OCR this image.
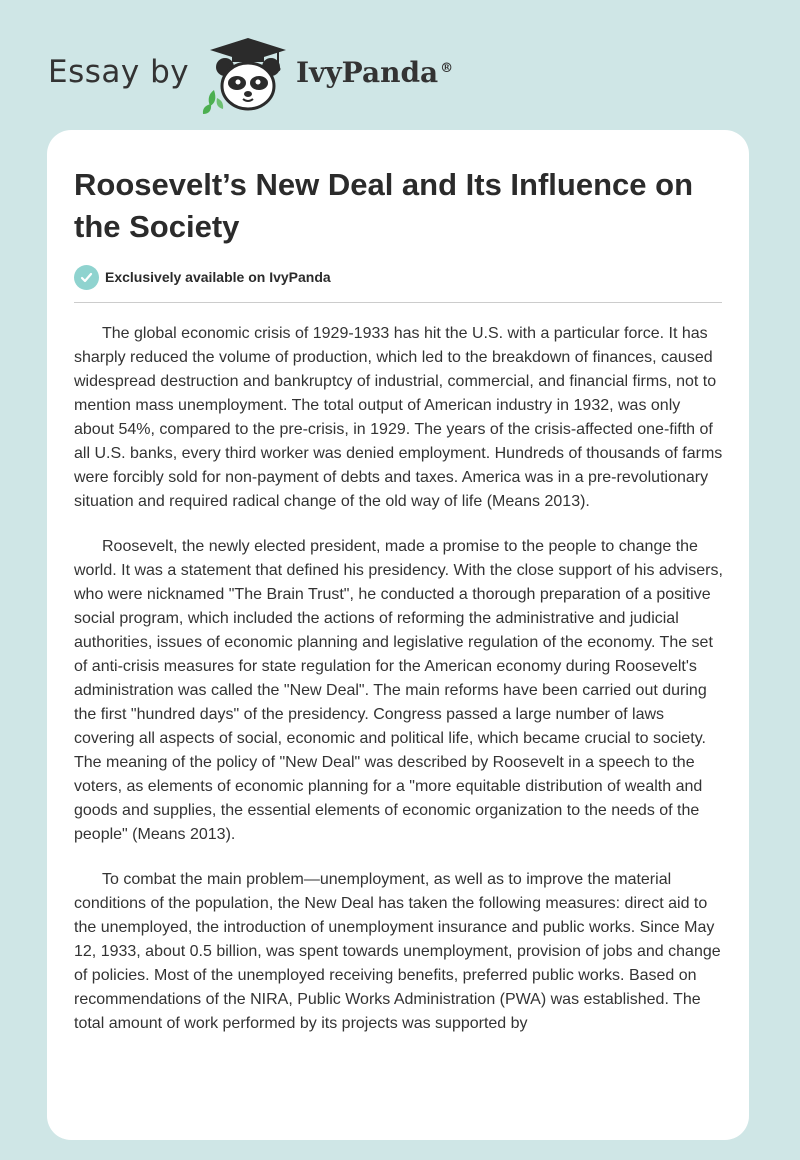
Essay by	IvyPanda ®
Roosevelt’s New Deal and Its Influence on the Society
Exclusively available on IvyPanda

The global economic crisis of 1929-1933 has hit the U.S. with a particular force. It has sharply reduced the volume of production, which led to the breakdown of finances, caused widespread destruction and bankruptcy of industrial, commercial, and financial firms, not to mention mass unemployment. The total output of American industry in 1932, was only about 54%, compared to the pre-crisis, in 1929. The years of the crisis-affected one-fifth of all U.S. banks, every third worker was denied employment. Hundreds of thousands of farms were forcibly sold for non-payment of debts and taxes. America was in a pre-revolutionary situation and required radical change of the old way of life (Means 2013).

Roosevelt, the newly elected president, made a promise to the people to change the world. It was a statement that defined his presidency. With the close support of his advisers, who were nicknamed "The Brain Trust", he conducted a thorough preparation of a positive social program, which included the actions of reforming the administrative and judicial authorities, issues of economic planning and legislative regulation of the economy. The set of anti-crisis measures for state regulation for the American economy during Roosevelt's administration was called the "New Deal". The main reforms have been carried out during the first "hundred days" of the presidency. Congress passed a large number of laws covering all aspects of social, economic and political life, which became crucial to society. The meaning of the policy of "New Deal" was described by Roosevelt in a speech to the voters, as elements of economic planning for a "more equitable distribution of wealth and goods and supplies, the essential elements of economic organization to the needs of the people" (Means 2013).

To combat the main problem—unemployment, as well as to improve the material conditions of the population, the New Deal has taken the following measures: direct aid to the unemployed, the introduction of unemployment insurance and public works. Since May 12, 1933, about 0.5 billion, was spent towards unemployment, provision of jobs and change of policies. Most of the unemployed receiving benefits, preferred public works. Based on recommendations of the NIRA, Public Works Administration (PWA) was established. The total amount of work performed by its projects was supported by
